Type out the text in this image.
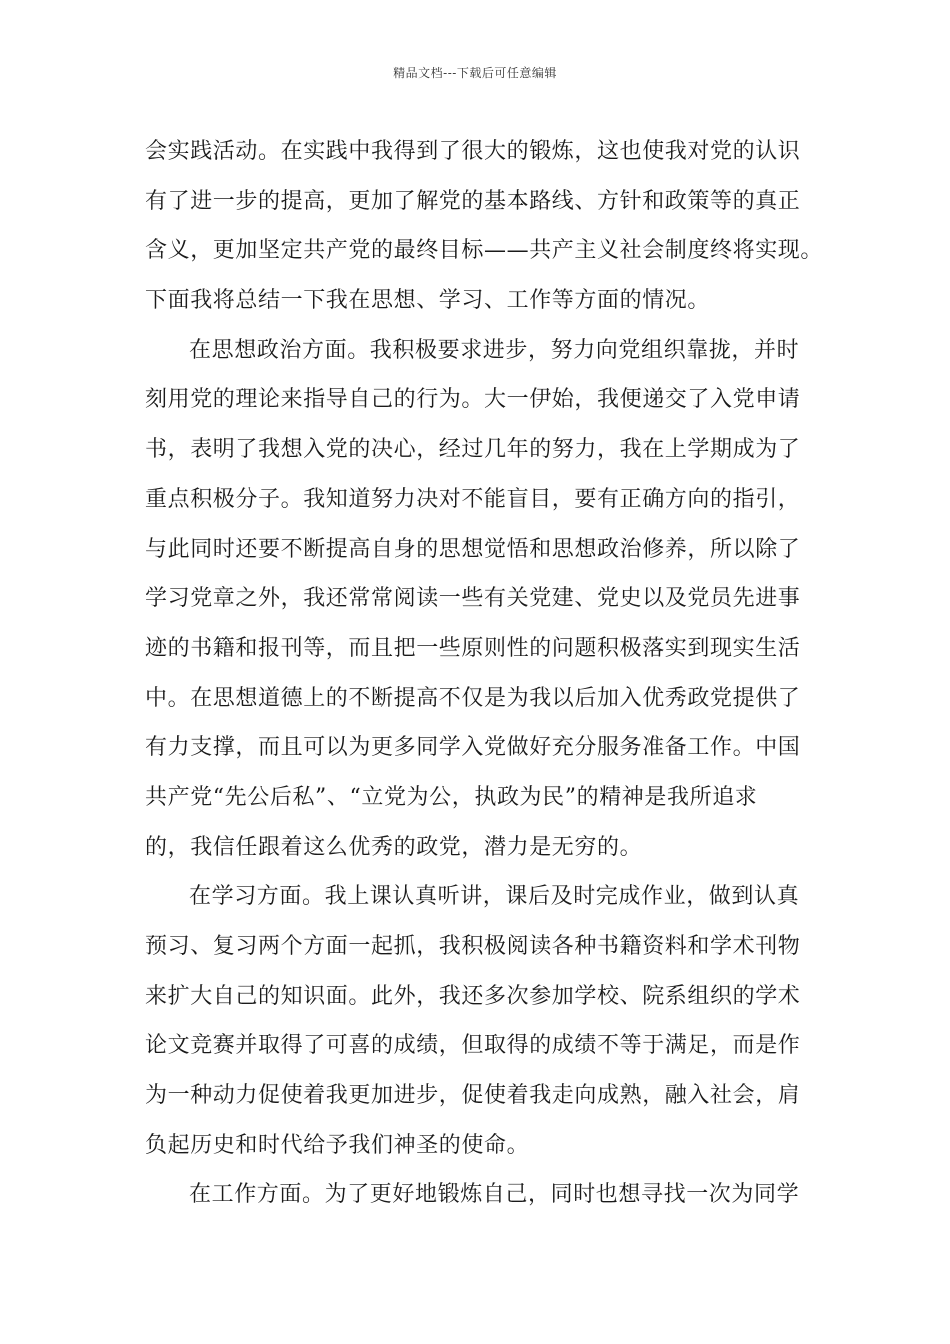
精品文档---下载后可任意编辑
会实践活动。在实践中我得到了很大的锻炼，这也使我对党的认识
有了进一步的提高，更加了解党的基本路线、方针和政策等的真正
含义，更加坚定共产党的最终目标——共产主义社会制度终将实现。
下面我将总结一下我在思想、学习、工作等方面的情况。
在思想政治方面。我积极要求进步，努力向党组织靠拢，并时
刻用党的理论来指导自己的行为。大一伊始，我便递交了入党申请
书，表明了我想入党的决心，经过几年的努力，我在上学期成为了
重点积极分子。我知道努力决对不能盲目，要有正确方向的指引，
与此同时还要不断提高自身的思想觉悟和思想政治修养，所以除了
学习党章之外，我还常常阅读一些有关党建、党史以及党员先进事
迹的书籍和报刊等，而且把一些原则性的问题积极落实到现实生活
中。在思想道德上的不断提高不仅是为我以后加入优秀政党提供了
有力支撑，而且可以为更多同学入党做好充分服务准备工作。中国
共产党“先公后私”、“立党为公，执政为民”的精神是我所追求
的，我信任跟着这么优秀的政党，潜力是无穷的。
在学习方面。我上课认真听讲，课后及时完成作业，做到认真
预习、复习两个方面一起抓，我积极阅读各种书籍资料和学术刊物
来扩大自己的知识面。此外，我还多次参加学校、院系组织的学术
论文竞赛并取得了可喜的成绩，但取得的成绩不等于满足，而是作
为一种动力促使着我更加进步，促使着我走向成熟，融入社会，肩
负起历史和时代给予我们神圣的使命。
在工作方面。为了更好地锻炼自己，同时也想寻找一次为同学
